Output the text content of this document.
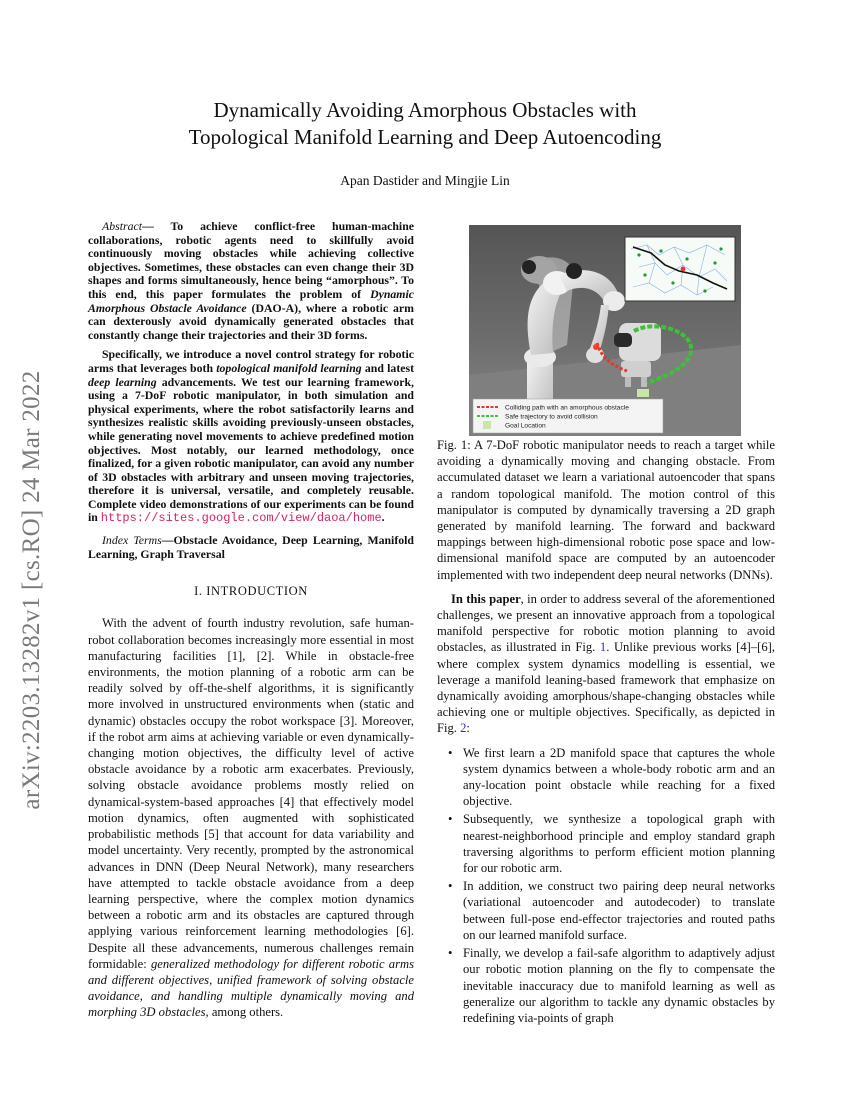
arXiv:2203.13282v1 [cs.RO] 24 Mar 2022
Dynamically Avoiding Amorphous Obstacles with
Topological Manifold Learning and Deep Autoencoding
Apan Dastider and Mingjie Lin

Abstract— To achieve conflict-free human-machine collaborations, robotic agents need to skillfully avoid continuously moving obstacles while achieving collective objectives. Sometimes, these obstacles can even change their 3D shapes and forms simultaneously, hence being “amorphous”. To this end, this paper formulates the problem of Dynamic Amorphous Obstacle Avoidance (DAO-A), where a robotic arm can dexterously avoid dynamically generated obstacles that constantly change their trajectories and their 3D forms.

Specifically, we introduce a novel control strategy for robotic arms that leverages both topological manifold learning and latest deep learning advancements. We test our learning framework, using a 7-DoF robotic manipulator, in both simulation and physical experiments, where the robot satisfactorily learns and synthesizes realistic skills avoiding previously-unseen obstacles, while generating novel movements to achieve predefined motion objectives. Most notably, our learned methodology, once finalized, for a given robotic manipulator, can avoid any number of 3D obstacles with arbitrary and unseen moving trajectories, therefore it is universal, versatile, and completely reusable. Complete video demonstrations of our experiments can be found in https://sites.google.com/view/daoa/home.

Index Terms—Obstacle Avoidance, Deep Learning, Manifold Learning, Graph Traversal

I. INTRODUCTION

With the advent of fourth industry revolution, safe human-robot collaboration becomes increasingly more essential in most manufacturing facilities [1], [2]. While in obstacle-free environments, the motion planning of a robotic arm can be readily solved by off-the-shelf algorithms, it is significantly more involved in unstructured environments when (static and dynamic) obstacles occupy the robot workspace [3]. Moreover, if the robot arm aims at achieving variable or even dynamically-changing motion objectives, the difficulty level of active obstacle avoidance by a robotic arm exacerbates. Previously, solving obstacle avoidance problems mostly relied on dynamical-system-based approaches [4] that effectively model motion dynamics, often augmented with sophisticated probabilistic methods [5] that account for data variability and model uncertainty. Very recently, prompted by the astronomical advances in DNN (Deep Neural Network), many researchers have attempted to tackle obstacle avoidance from a deep learning perspective, where the complex motion dynamics between a robotic arm and its obstacles are captured through applying various reinforcement learning methodologies [6]. Despite all these advancements, numerous challenges remain formidable: generalized methodology for different robotic arms and different objectives, unified framework of solving obstacle avoidance, and handling multiple dynamically moving and morphing 3D obstacles, among others.

Colliding path with an amorphous obstacle
Safe trajectory to avoid collision
Goal Location

Fig. 1: A 7-DoF robotic manipulator needs to reach a target while avoiding a dynamically moving and changing obstacle. From accumulated dataset we learn a variational autoencoder that spans a random topological manifold. The motion control of this manipulator is computed by dynamically traversing a 2D graph generated by manifold learning. The forward and backward mappings between high-dimensional robotic pose space and low-dimensional manifold space are computed by an autoencoder implemented with two independent deep neural networks (DNNs).

In this paper, in order to address several of the aforementioned challenges, we present an innovative approach from a topological manifold perspective for robotic motion planning to avoid obstacles, as illustrated in Fig. 1. Unlike previous works [4]–[6], where complex system dynamics modelling is essential, we leverage a manifold leaning-based framework that emphasize on dynamically avoiding amorphous/shape-changing obstacles while achieving one or multiple objectives. Specifically, as depicted in Fig. 2:

• We first learn a 2D manifold space that captures the whole system dynamics between a whole-body robotic arm and an any-location point obstacle while reaching for a fixed objective.
• Subsequently, we synthesize a topological graph with nearest-neighborhood principle and employ standard graph traversing algorithms to perform efficient motion planning for our robotic arm.
• In addition, we construct two pairing deep neural networks (variational autoencoder and autodecoder) to translate between full-pose end-effector trajectories and routed paths on our learned manifold surface.
• Finally, we develop a fail-safe algorithm to adaptively adjust our robotic motion planning on the fly to compensate the inevitable inaccuracy due to manifold learning as well as generalize our algorithm to tackle any dynamic obstacles by redefining via-points of graph
